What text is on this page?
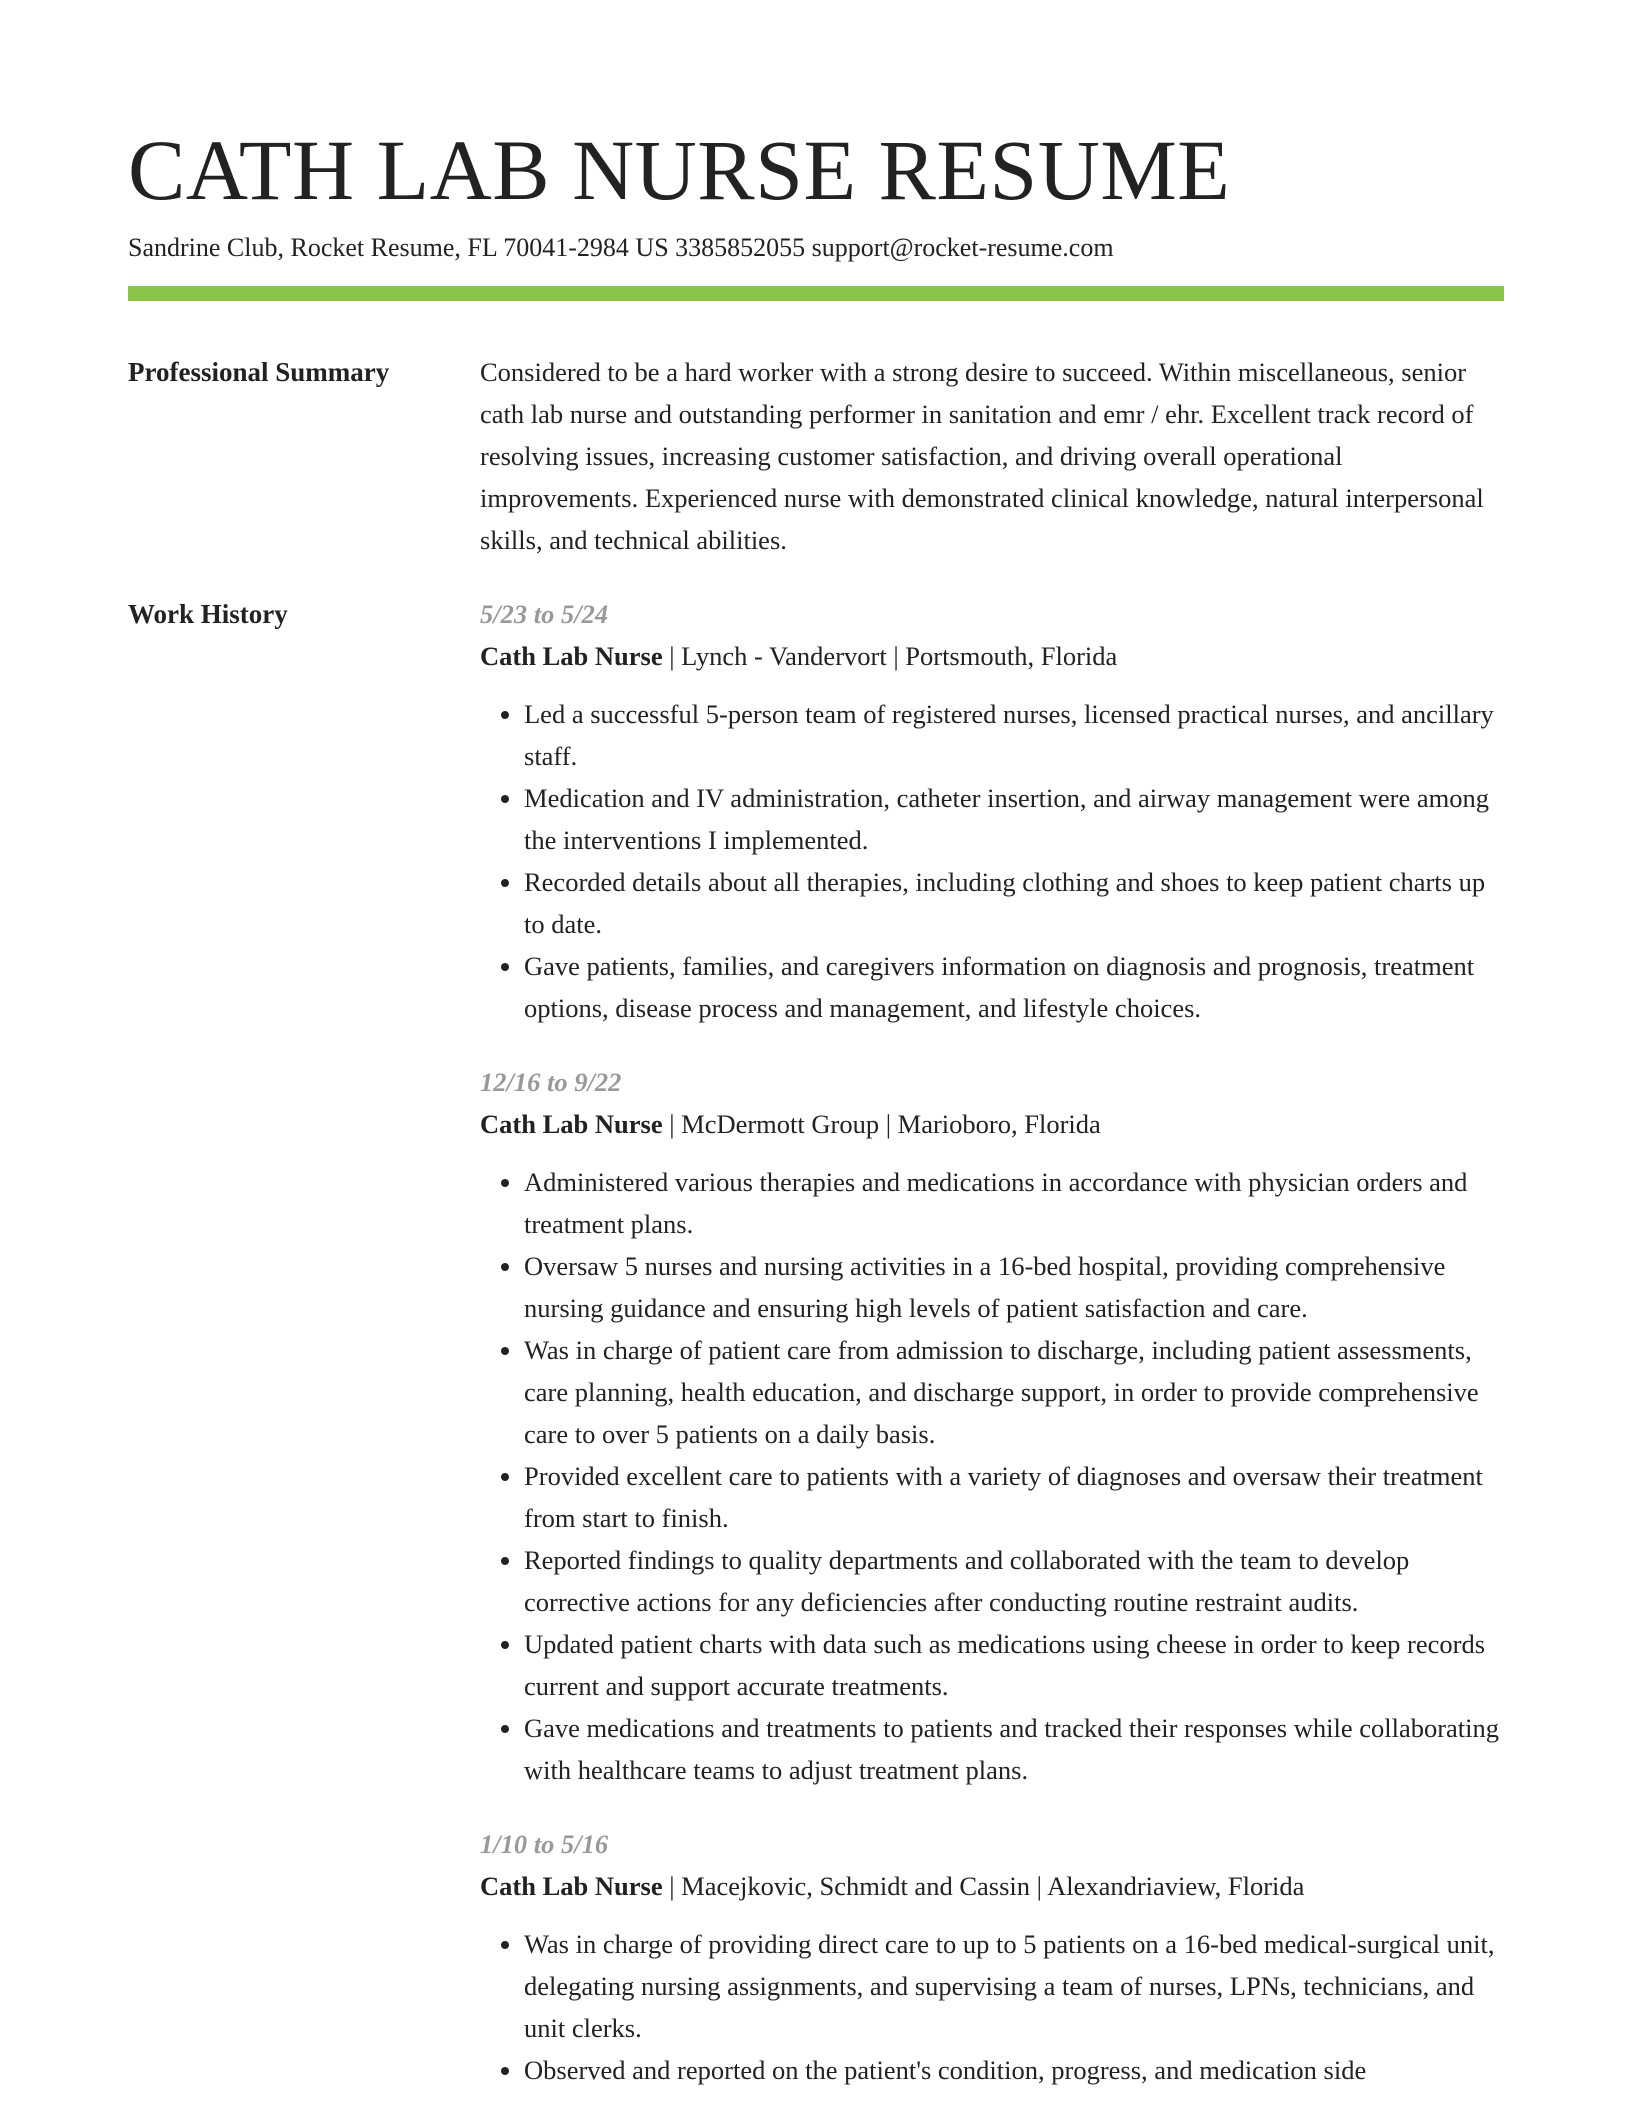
CATH LAB NURSE RESUME
Sandrine Club, Rocket Resume, FL 70041-2984 US 3385852055 support@rocket-resume.com
Professional Summary	Considered to be a hard worker with a strong desire to succeed. Within miscellaneous, senior cath lab nurse and outstanding performer in sanitation and emr / ehr. Excellent track record of resolving issues, increasing customer satisfaction, and driving overall operational improvements. Experienced nurse with demonstrated clinical knowledge, natural interpersonal skills, and technical abilities.

Work History	5/23 to 5/24
Cath Lab Nurse | Lynch - Vandervort | Portsmouth, Florida
• Led a successful 5-person team of registered nurses, licensed practical nurses, and ancillary staff.
• Medication and IV administration, catheter insertion, and airway management were among the interventions I implemented.
• Recorded details about all therapies, including clothing and shoes to keep patient charts up to date.
• Gave patients, families, and caregivers information on diagnosis and prognosis, treatment options, disease process and management, and lifestyle choices.
12/16 to 9/22
Cath Lab Nurse | McDermott Group | Marioboro, Florida
• Administered various therapies and medications in accordance with physician orders and treatment plans.
• Oversaw 5 nurses and nursing activities in a 16-bed hospital, providing comprehensive nursing guidance and ensuring high levels of patient satisfaction and care.
• Was in charge of patient care from admission to discharge, including patient assessments, care planning, health education, and discharge support, in order to provide comprehensive care to over 5 patients on a daily basis.
• Provided excellent care to patients with a variety of diagnoses and oversaw their treatment from start to finish.
• Reported findings to quality departments and collaborated with the team to develop corrective actions for any deficiencies after conducting routine restraint audits.
• Updated patient charts with data such as medications using cheese in order to keep records current and support accurate treatments.
• Gave medications and treatments to patients and tracked their responses while collaborating with healthcare teams to adjust treatment plans.
1/10 to 5/16
Cath Lab Nurse | Macejkovic, Schmidt and Cassin | Alexandriaview, Florida
• Was in charge of providing direct care to up to 5 patients on a 16-bed medical-surgical unit, delegating nursing assignments, and supervising a team of nurses, LPNs, technicians, and unit clerks.
• Observed and reported on the patient's condition, progress, and medication side
